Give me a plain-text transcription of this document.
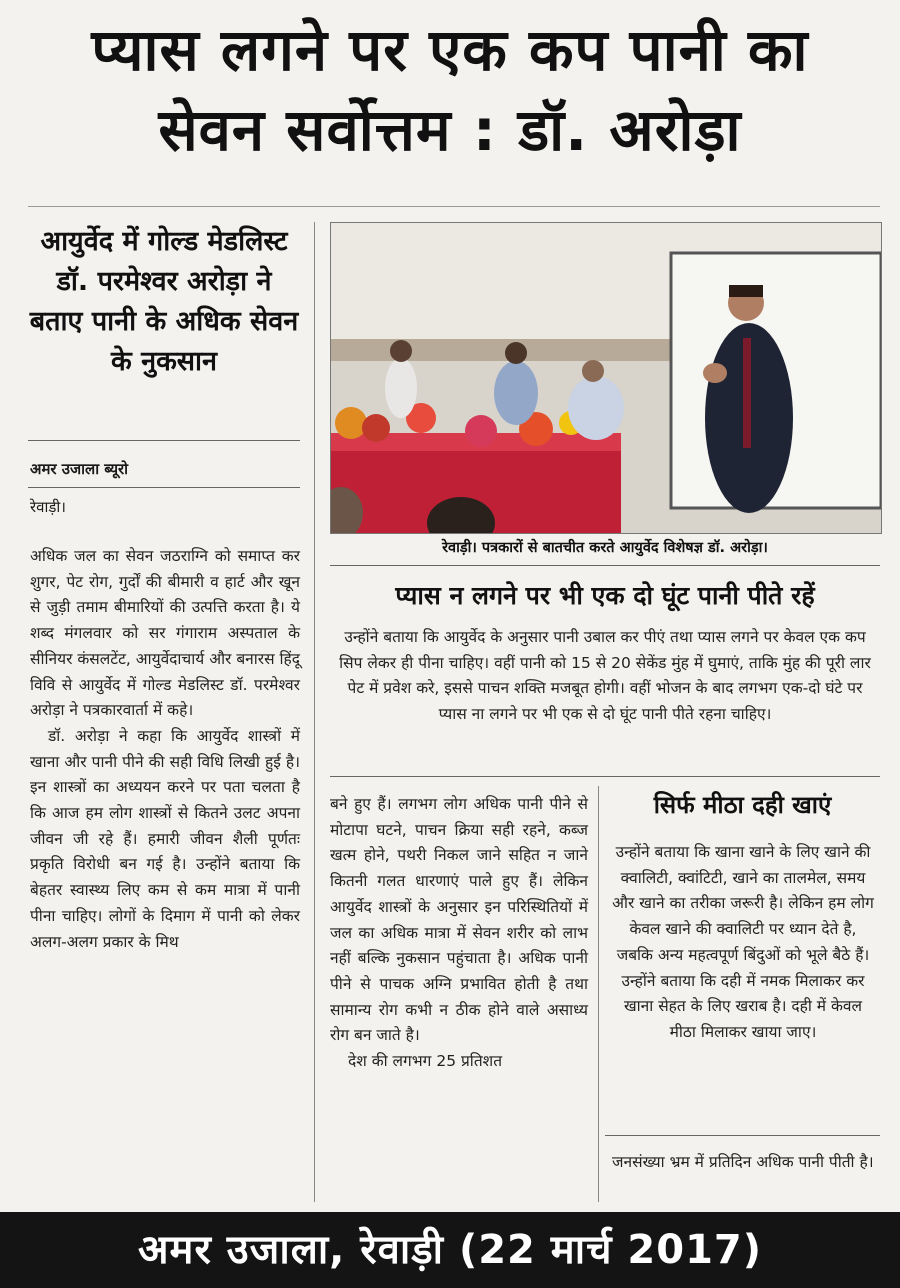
प्यास लगने पर एक कप पानी का
सेवन सर्वोत्तम : डॉ. अरोड़ा
आयुर्वेद में गोल्ड मेडलिस्ट डॉ. परमेश्वर अरोड़ा ने बताए पानी के अधिक सेवन के नुकसान
अमर उजाला ब्यूरो
रेवाड़ी।

अधिक जल का सेवन जठराग्नि को समाप्त कर शुगर, पेट रोग, गुर्दों की बीमारी व हार्ट और खून से जुड़ी तमाम बीमारियों की उत्पत्ति करता है। ये शब्द मंगलवार को सर गंगाराम अस्पताल के सीनियर कंसलटेंट, आयुर्वेदाचार्य और बनारस हिंदू विवि से आयुर्वेद में गोल्ड मेडलिस्ट डॉ. परमेश्वर अरोड़ा ने पत्रकारवार्ता में कहे।

डॉ. अरोड़ा ने कहा कि आयुर्वेद शास्त्रों में खाना और पानी पीने की सही विधि लिखी हुई है। इन शास्त्रों का अध्ययन करने पर पता चलता है कि आज हम लोग शास्त्रों से कितने उलट अपना जीवन जी रहे हैं। हमारी जीवन शैली पूर्णतः प्रकृति विरोधी बन गई है। उन्होंने बताया कि बेहतर स्वास्थ्य लिए कम से कम मात्रा में पानी पीना चाहिए। लोगों के दिमाग में पानी को लेकर अलग-अलग प्रकार के मिथ

रेवाड़ी। पत्रकारों से बातचीत करते आयुर्वेद विशेषज्ञ डॉ. अरोड़ा।
प्यास न लगने पर भी एक दो घूंट पानी पीते रहें
उन्होंने बताया कि आयुर्वेद के अनुसार पानी उबाल कर पीएं तथा प्यास लगने पर केवल एक कप सिप लेकर ही पीना चाहिए। वहीं पानी को 15 से 20 सेकेंड मुंह में घुमाएं, ताकि मुंह की पूरी लार पेट में प्रवेश करे, इससे पाचन शक्ति मजबूत होगी। वहीं भोजन के बाद लगभग एक-दो घंटे पर प्यास ना लगने पर भी एक से दो घूंट पानी पीते रहना चाहिए।

बने हुए हैं। लगभग लोग अधिक पानी पीने से मोटापा घटने, पाचन क्रिया सही रहने, कब्ज खत्म होने, पथरी निकल जाने सहित न जाने कितनी गलत धारणाएं पाले हुए हैं। लेकिन आयुर्वेद शास्त्रों के अनुसार इन परिस्थितियों में जल का अधिक मात्रा में सेवन शरीर को लाभ नहीं बल्कि नुकसान पहुंचाता है। अधिक पानी पीने से पाचक अग्नि प्रभावित होती है तथा सामान्य रोग कभी न ठीक होने वाले असाध्य रोग बन जाते है।

देश की लगभग 25 प्रतिशत

सिर्फ मीठा दही खाएं

उन्होंने बताया कि खाना खाने के लिए खाने की क्वालिटी, क्वांटिटी, खाने का तालमेल, समय और खाने का तरीका जरूरी है। लेकिन हम लोग केवल खाने की क्वालिटी पर ध्यान देते है, जबकि अन्य महत्वपूर्ण बिंदुओं को भूले बैठे हैं। उन्होंने बताया कि दही में नमक मिलाकर कर खाना सेहत के लिए खराब है। दही में केवल मीठा मिलाकर खाया जाए।

जनसंख्या भ्रम में प्रतिदिन अधिक पानी पीती है।

अमर उजाला, रेवाड़ी (22 मार्च 2017)
